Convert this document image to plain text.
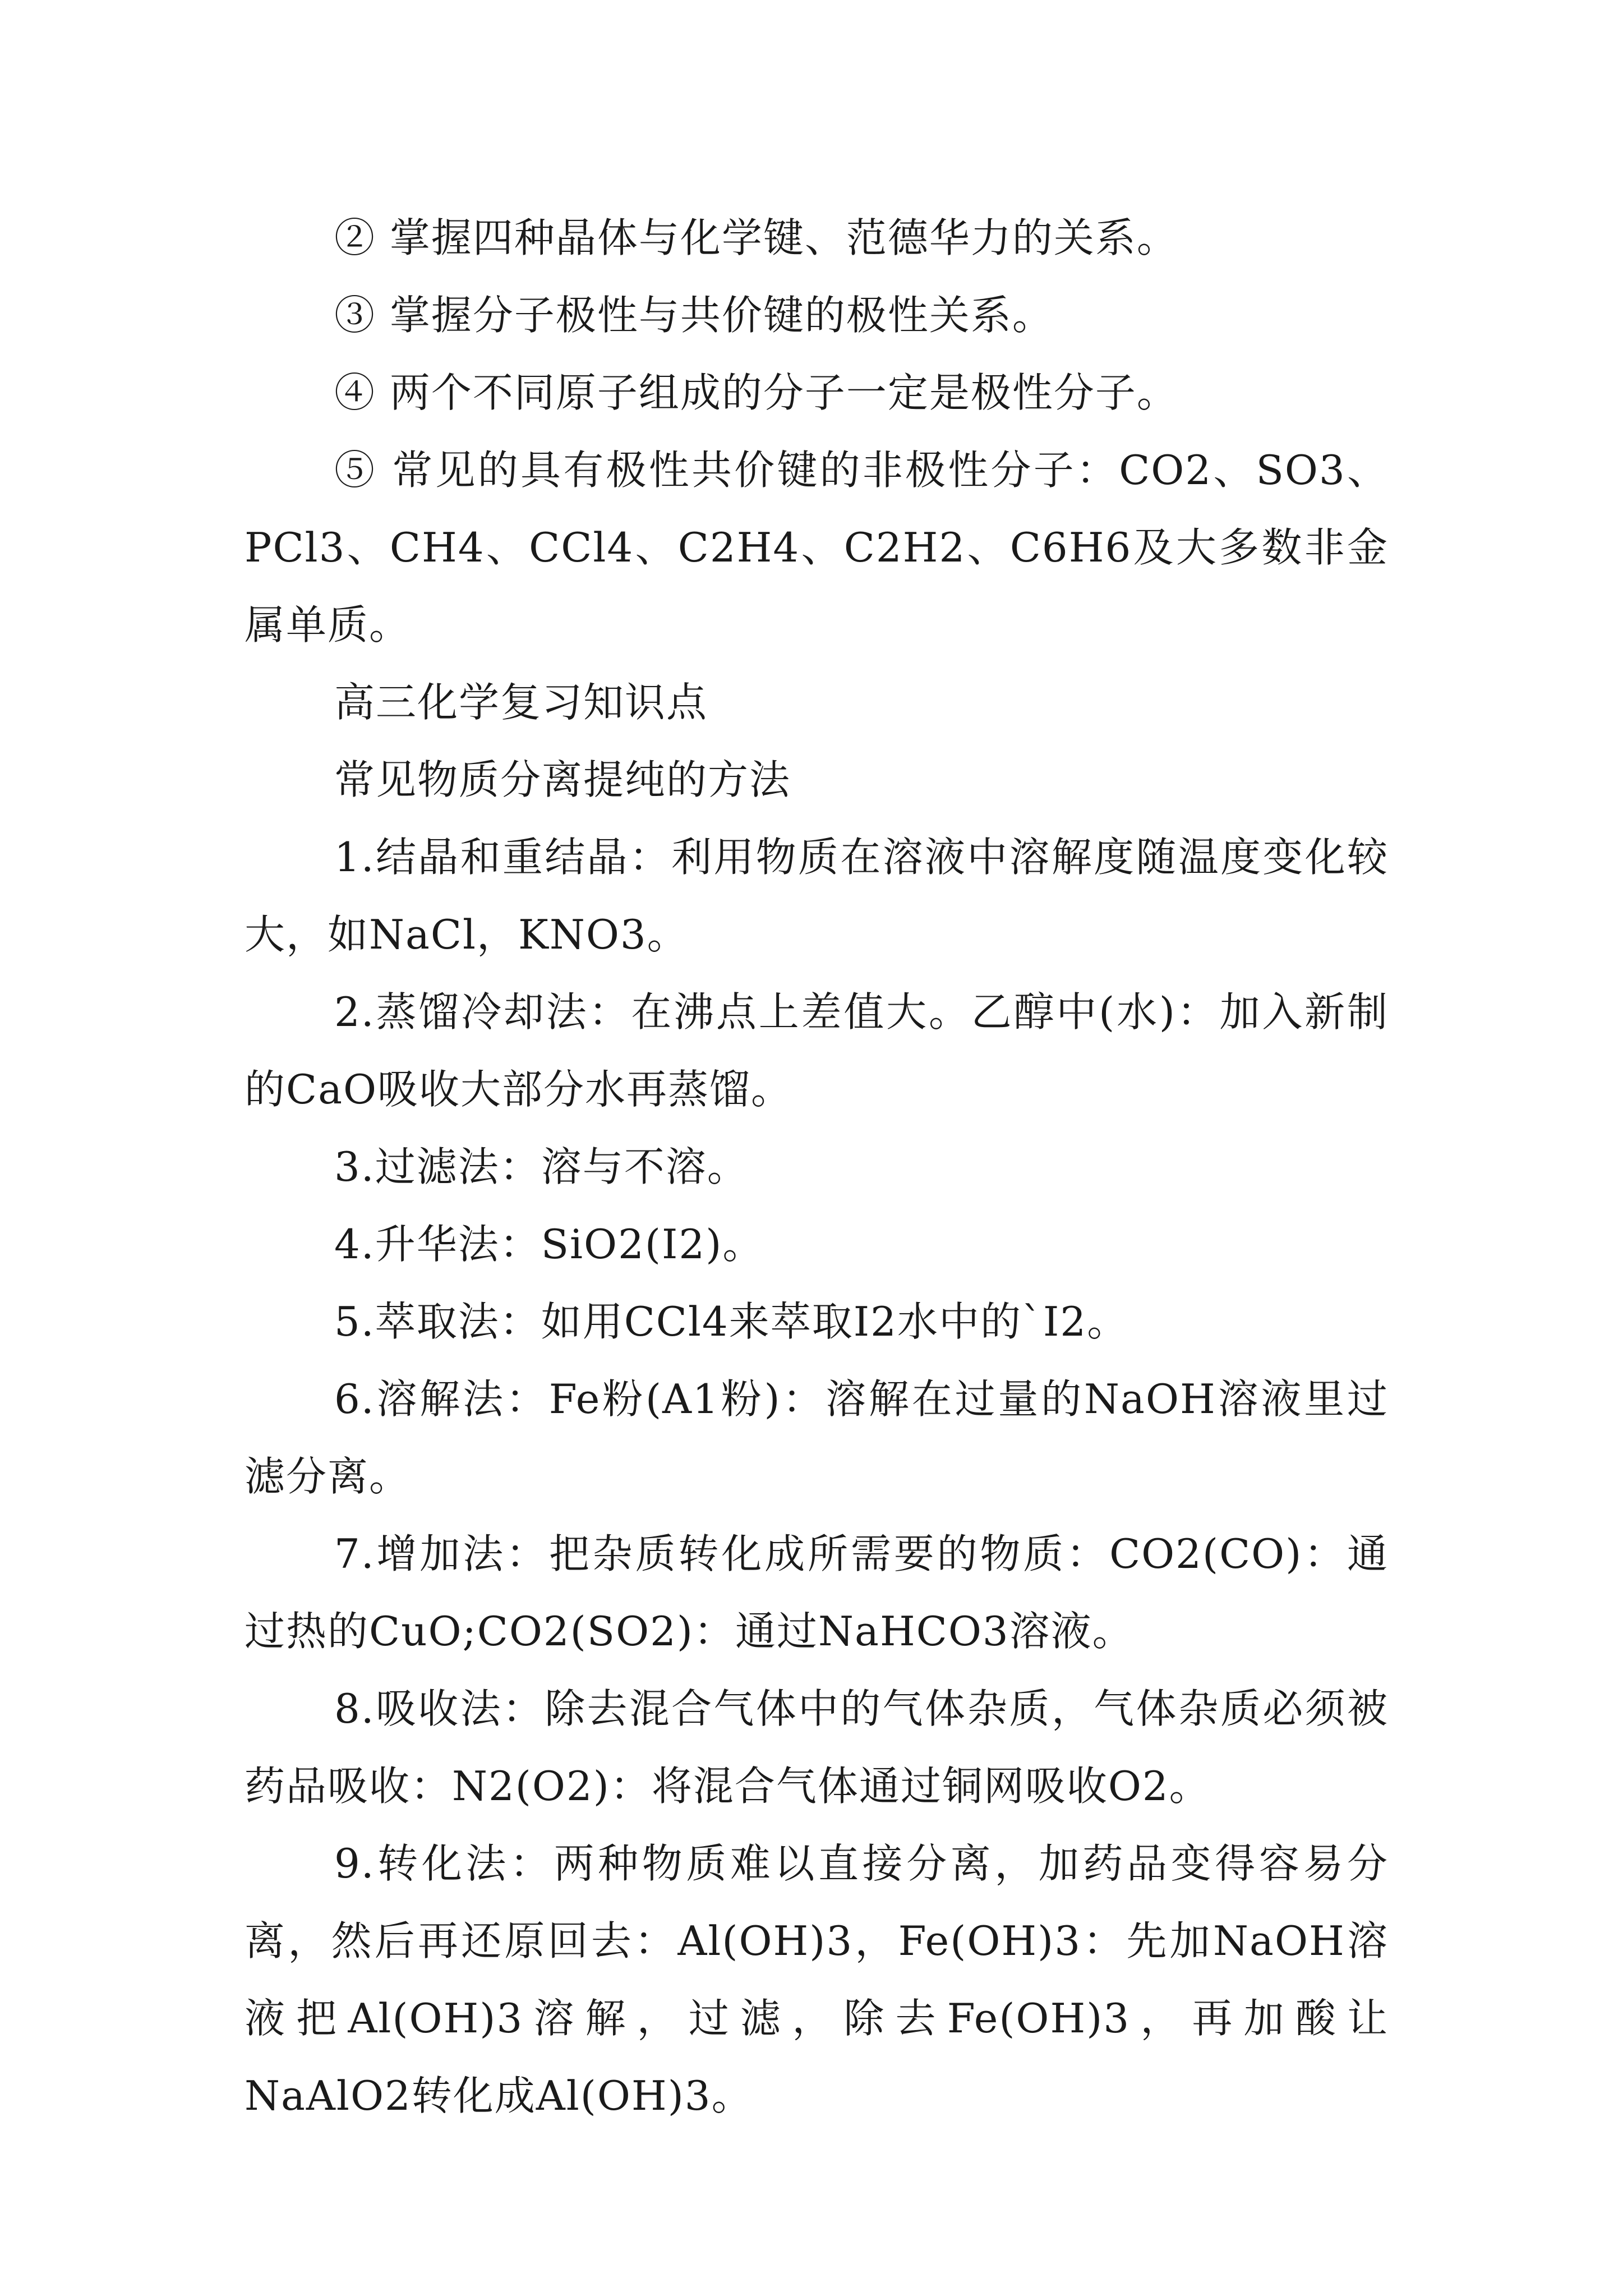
② 掌握四种晶体与化学键、范德华力的关系。

③ 掌握分子极性与共价键的极性关系。

④ 两个不同原子组成的分子一定是极性分子。

⑤ 常见的具有极性共价键的非极性分子：CO2、SO3、PCl3、CH4、CCl4、C2H4、C2H2、C6H6及大多数非金属单质。

高三化学复习知识点

常见物质分离提纯的方法

1.结晶和重结晶：利用物质在溶液中溶解度随温度变化较大，如NaCl，KNO3。

2.蒸馏冷却法：在沸点上差值大。乙醇中(水)：加入新制的CaO吸收大部分水再蒸馏。

3.过滤法：溶与不溶。

4.升华法：SiO2(I2)。

5.萃取法：如用CCl4来萃取I2水中的`I2。

6.溶解法：Fe粉(A1粉)：溶解在过量的NaOH溶液里过滤分离。

7.增加法：把杂质转化成所需要的物质：CO2(CO)：通过热的CuO;CO2(SO2)：通过NaHCO3溶液。

8.吸收法：除去混合气体中的气体杂质，气体杂质必须被药品吸收：N2(O2)：将混合气体通过铜网吸收O2。

9.转化法：两种物质难以直接分离，加药品变得容易分离，然后再还原回去：Al(OH)3，Fe(OH)3：先加NaOH溶液把Al(OH)3溶解，过滤，除去Fe(OH)3，再加酸让NaAlO2转化成Al(OH)3。
